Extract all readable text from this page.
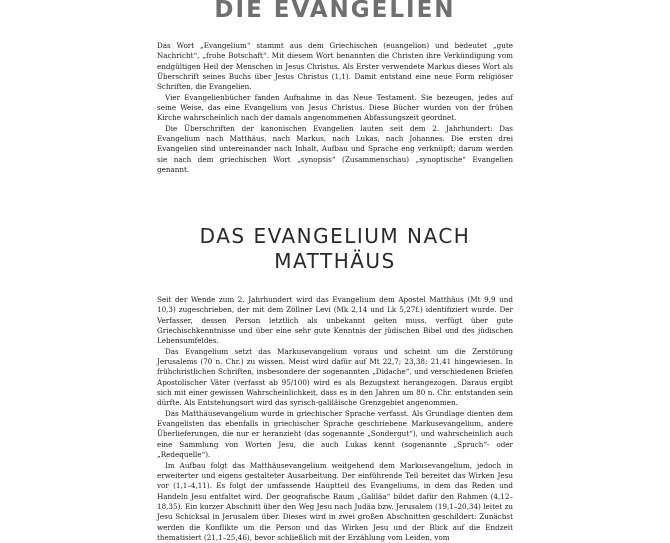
DIE EVANGELIEN

Das Wort „Evangelium“ stammt aus dem Griechischen (euangelion) und bedeutet „gute Nachricht“, „frohe Botschaft“. Mit diesem Wort benannten die Christen ihre Verkündigung vom endgültigen Heil der Menschen in Jesus Christus. Als Erster verwendete Markus dieses Wort als Überschrift seines Buchs über Jesus Christus (1,1). Damit entstand eine neue Form religiöser Schriften, die Evangelien.

Vier Evangelienbücher fanden Aufnahme in das Neue Testament. Sie bezeugen, jedes auf seine Weise, das eine Evangelium von Jesus Christus. Diese Bücher wurden von der frühen Kirche wahrscheinlich nach der damals angenommenen Abfassungszeit geordnet.

Die Überschriften der kanonischen Evangelien lauten seit dem 2. Jahrhundert: Das Evangelium nach Matthäus, nach Markus, nach Lukas, nach Johannes. Die ersten drei Evangelien sind untereinander nach Inhalt, Aufbau und Sprache eng verknüpft; darum werden sie nach dem griechischen Wort „synopsis“ (Zusammenschau) „synoptische“ Evangelien genannt.

DAS EVANGELIUM NACH
MATTHÄUS

Seit der Wende zum 2. Jahrhundert wird das Evangelium dem Apostel Matthäus (Mt 9,9 und 10,3) zugeschrieben, der mit dem Zöllner Levi (Mk 2,14 und Lk 5,27f.) identifiziert wurde. Der Verfasser, dessen Person letztlich als unbekannt gelten muss, verfügt über gute Griechischkenntnisse und über eine sehr gute Kenntnis der jüdischen Bibel und des jüdischen Lebensumfeldes.

Das Evangelium setzt das Markusevangelium voraus und scheint um die Zerstörung Jerusalems (70 n. Chr.) zu wissen. Meist wird dafür auf Mt 22,7; 23,38; 21,41 hingewiesen. In frühchristlichen Schriften, insbesondere der sogenannten „Didache“, und verschiedenen Briefen Apostolischer Väter (verfasst ab 95/100) wird es als Bezugstext herangezogen. Daraus ergibt sich mit einer gewissen Wahrscheinlichkeit, dass es in den Jahren um 80 n. Chr. entstanden sein dürfte. Als Entstehungsort wird das syrisch-galiläische Grenzgebiet angenommen.

Das Matthäusevangelium wurde in griechischer Sprache verfasst. Als Grundlage dienten dem Evangelisten das ebenfalls in griechischer Sprache geschriebene Markusevangelium, andere Überlieferungen, die nur er heranzieht (das sogenannte „Sondergut“), und wahrscheinlich auch eine Sammlung von Worten Jesu, die auch Lukas kennt (sogenannte „Spruch“- oder „Redequelle“).

Im Aufbau folgt das Matthäusevangelium weitgehend dem Markusevangelium, jedoch in erweiterter und eigens gestalteter Ausarbeitung. Der einführende Teil bereitet das Wirken Jesu vor (1,1–4,11). Es folgt der umfassende Hauptteil des Evangeliums, in dem das Reden und Handeln Jesu entfaltet wird. Der geografische Raum „Galiläa“ bildet dafür den Rahmen (4,12–18,35). Ein kurzer Abschnitt über den Weg Jesu nach Judäa bzw. Jerusalem (19,1–20,34) leitet zu Jesu Schicksal in Jerusalem über. Dieses wird in zwei großen Abschnitten geschildert: Zunächst werden die Konflikte um die Person und das Wirken Jesu und der Blick auf die Endzeit thematisiert (21,1–25,46), bevor schließlich mit der Erzählung vom Leiden, vom
